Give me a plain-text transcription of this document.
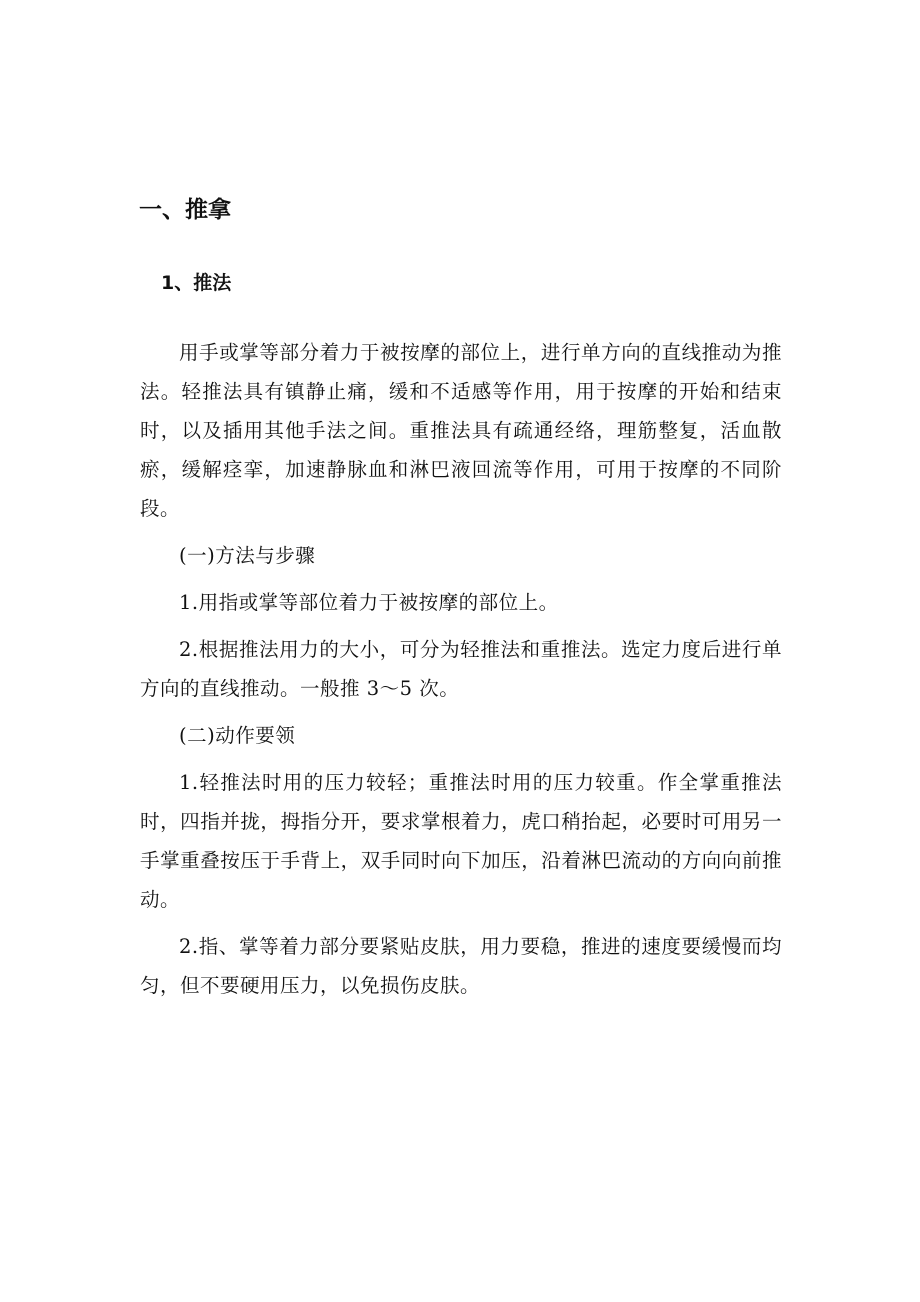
一、推拿
1、推法

用手或掌等部分着力于被按摩的部位上，进行单方向的直线推动为推法。轻推法具有镇静止痛，缓和不适感等作用，用于按摩的开始和结束时，以及插用其他手法之间。重推法具有疏通经络，理筋整复，活血散瘀，缓解痉挛，加速静脉血和淋巴液回流等作用，可用于按摩的不同阶段。

(一)方法与步骤

1.用指或掌等部位着力于被按摩的部位上。

2.根据推法用力的大小，可分为轻推法和重推法。选定力度后进行单方向的直线推动。一般推 3～5 次。

(二)动作要领

1.轻推法时用的压力较轻；重推法时用的压力较重。作全掌重推法时，四指并拢，拇指分开，要求掌根着力，虎口稍抬起，必要时可用另一手掌重叠按压于手背上，双手同时向下加压，沿着淋巴流动的方向向前推动。

2.指、掌等着力部分要紧贴皮肤，用力要稳，推进的速度要缓慢而均匀，但不要硬用压力，以免损伤皮肤。
